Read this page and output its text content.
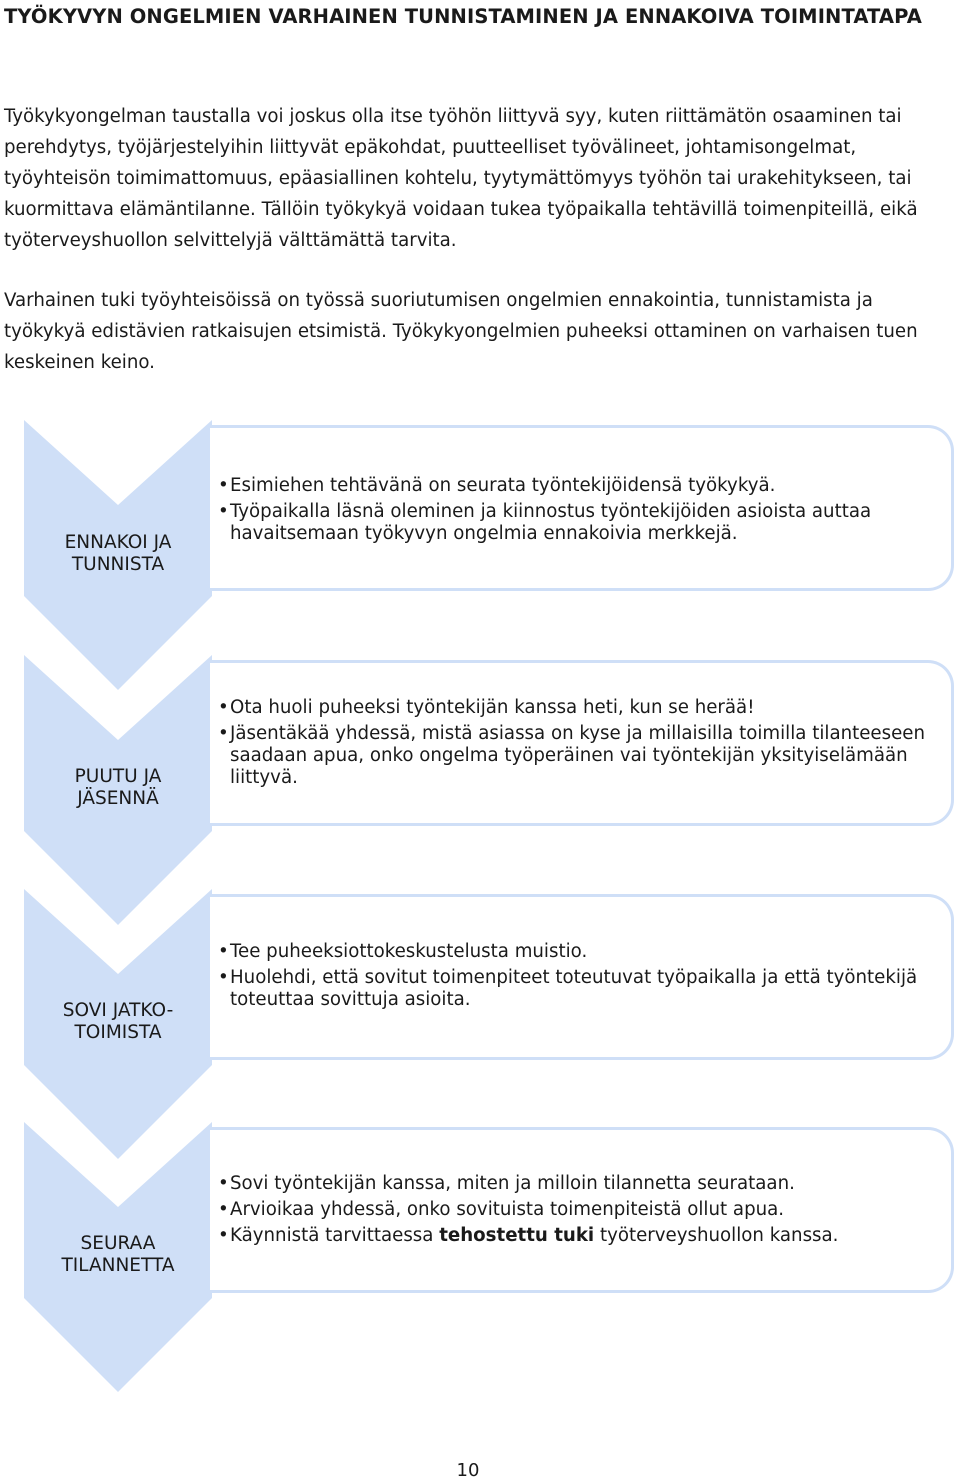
TYÖKYVYN ONGELMIEN VARHAINEN TUNNISTAMINEN JA ENNAKOIVA TOIMINTATAPA
Työkykyongelman taustalla voi joskus olla itse työhön liittyvä syy, kuten riittämätön osaaminen tai perehdytys, työjärjestelyihin liittyvät epäkohdat, puutteelliset työvälineet, johtamisongelmat, työyhteisön toimimattomuus, epäasiallinen kohtelu, tyytymättömyys työhön tai urakehitykseen, tai kuormittava elämäntilanne. Tällöin työkykyä voidaan tukea työpaikalla tehtävillä toimenpiteillä, eikä työterveyshuollon selvittelyjä välttämättä tarvita.
Varhainen tuki työyhteisöissä on työssä suoriutumisen ongelmien ennakointia, tunnistamista ja työkykyä edistävien ratkaisujen etsimistä. Työkykyongelmien puheeksi ottaminen on varhaisen tuen keskeinen keino.
ENNAKOI JA
TUNNISTA
• Esimiehen tehtävänä on seurata työntekijöidensä työkykyä.
• Työpaikalla läsnä oleminen ja kiinnostus työntekijöiden asioista auttaa havaitsemaan työkyvyn ongelmia ennakoivia merkkejä.
PUUTU JA
JÄSENNÄ
• Ota huoli puheeksi työntekijän kanssa heti, kun se herää!
• Jäsentäkää yhdessä, mistä asiassa on kyse ja millaisilla toimilla tilanteeseen saadaan apua, onko ongelma työperäinen vai työntekijän yksityiselämään liittyvä.
SOVI JATKO-
TOIMISTA
• Tee puheeksiottokeskustelusta muistio.
• Huolehdi, että sovitut toimenpiteet toteutuvat työpaikalla ja että työntekijä toteuttaa sovittuja asioita.
SEURAA
TILANNETTA
• Sovi työntekijän kanssa, miten ja milloin tilannetta seurataan.
• Arvioikaa yhdessä, onko sovituista toimenpiteistä ollut apua.
• Käynnistä tarvittaessa tehostettu tuki työterveyshuollon kanssa.
10
